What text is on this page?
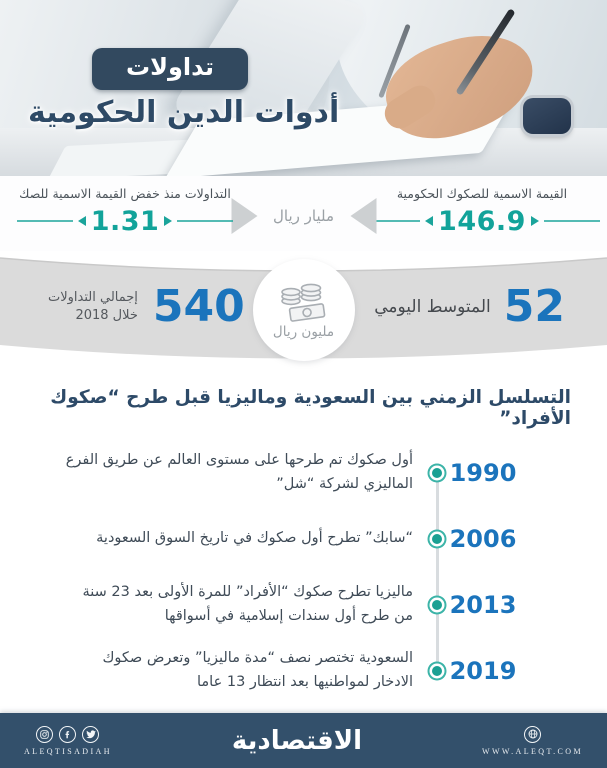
تداولات
أدوات الدين الحكومية
القيمة الاسمية للصكوك الحكومية
146.9
مليار ريال
التداولات منذ خفض القيمة الاسمية للصك
1.31
52
المتوسط اليومي
مليون ريال
إجمالي التداولات
خلال 2018 540
التسلسل الزمني بين السعودية وماليزيا قبل طرح “صكوك الأفراد”
1990
أول صكوك تم طرحها على مستوى العالم عن طريق الفرع الماليزي لشركة “شل”
2006
“سابك” تطرح أول صكوك في تاريخ السوق السعودية
2013
ماليزيا تطرح صكوك “الأفراد” للمرة الأولى بعد 23 سنة من طرح أول سندات إسلامية في أسواقها
2019
السعودية تختصر نصف “مدة ماليزيا” وتعرض صكوك الادخار لمواطنيها بعد انتظار 13 عاما
ALEQTISADIAH	الاقتصادية	WWW.ALEQT.COM
